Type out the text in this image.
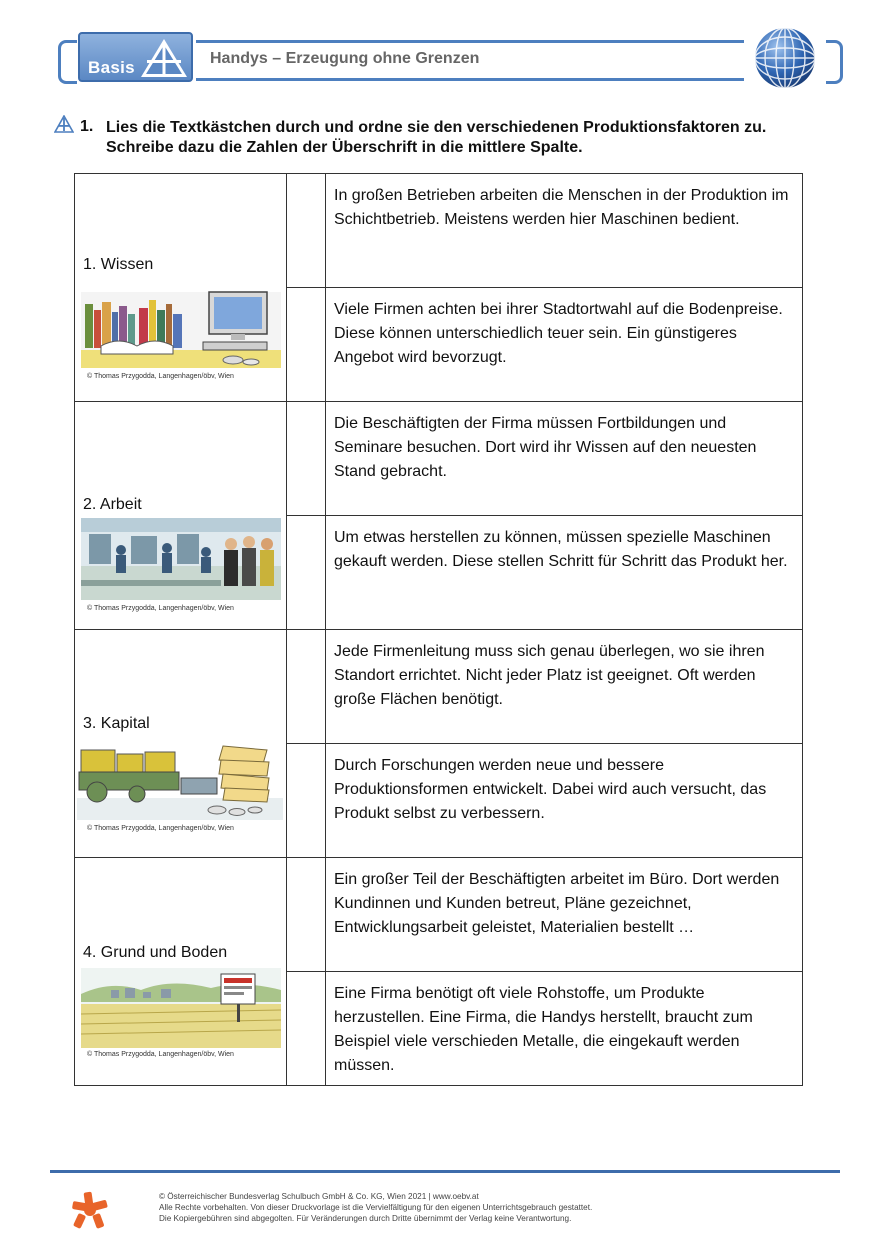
Basis	Handys – Erzeugung ohne Grenzen
1. Lies die Textkästchen durch und ordne sie den verschiedenen Produktionsfaktoren zu. Schreibe dazu die Zahlen der Überschrift in die mittlere Spalte.
1. Wissen
© Thomas Przygodda, Langenhagen/öbv, Wien		In großen Betrieben arbeiten die Menschen in der Produktion im Schichtbetrieb. Meistens werden hier Maschinen bedient.

		Viele Firmen achten bei ihrer Stadtortwahl auf die Bodenpreise. Diese können unterschiedlich teuer sein. Ein günstigeres Angebot wird bevorzugt.

2. Arbeit
© Thomas Przygodda, Langenhagen/öbv, Wien		Die Beschäftigten der Firma müssen Fortbildungen und Seminare besuchen. Dort wird ihr Wissen auf den neuesten Stand gebracht.

		Um etwas herstellen zu können, müssen spezielle Maschinen gekauft werden. Diese stellen Schritt für Schritt das Produkt her.

3. Kapital
© Thomas Przygodda, Langenhagen/öbv, Wien		Jede Firmenleitung muss sich genau überlegen, wo sie ihren Standort errichtet. Nicht jeder Platz ist geeignet. Oft werden große Flächen benötigt.

		Durch Forschungen werden neue und bessere Produktionsformen entwickelt. Dabei wird auch versucht, das Produkt selbst zu verbessern.

4. Grund und Boden
© Thomas Przygodda, Langenhagen/öbv, Wien		Ein großer Teil der Beschäftigten arbeitet im Büro. Dort werden Kundinnen und Kunden betreut, Pläne gezeichnet, Entwicklungsarbeit geleistet, Materialien bestellt …

		Eine Firma benötigt oft viele Rohstoffe, um Produkte herzustellen. Eine Firma, die Handys herstellt, braucht zum Beispiel viele verschieden Metalle, die eingekauft werden müssen.
© Österreichischer Bundesverlag Schulbuch GmbH & Co. KG, Wien 2021 | www.oebv.at
Alle Rechte vorbehalten. Von dieser Druckvorlage ist die Vervielfältigung für den eigenen Unterrichtsgebrauch gestattet.
Die Kopiergebühren sind abgegolten. Für Veränderungen durch Dritte übernimmt der Verlag keine Verantwortung.
